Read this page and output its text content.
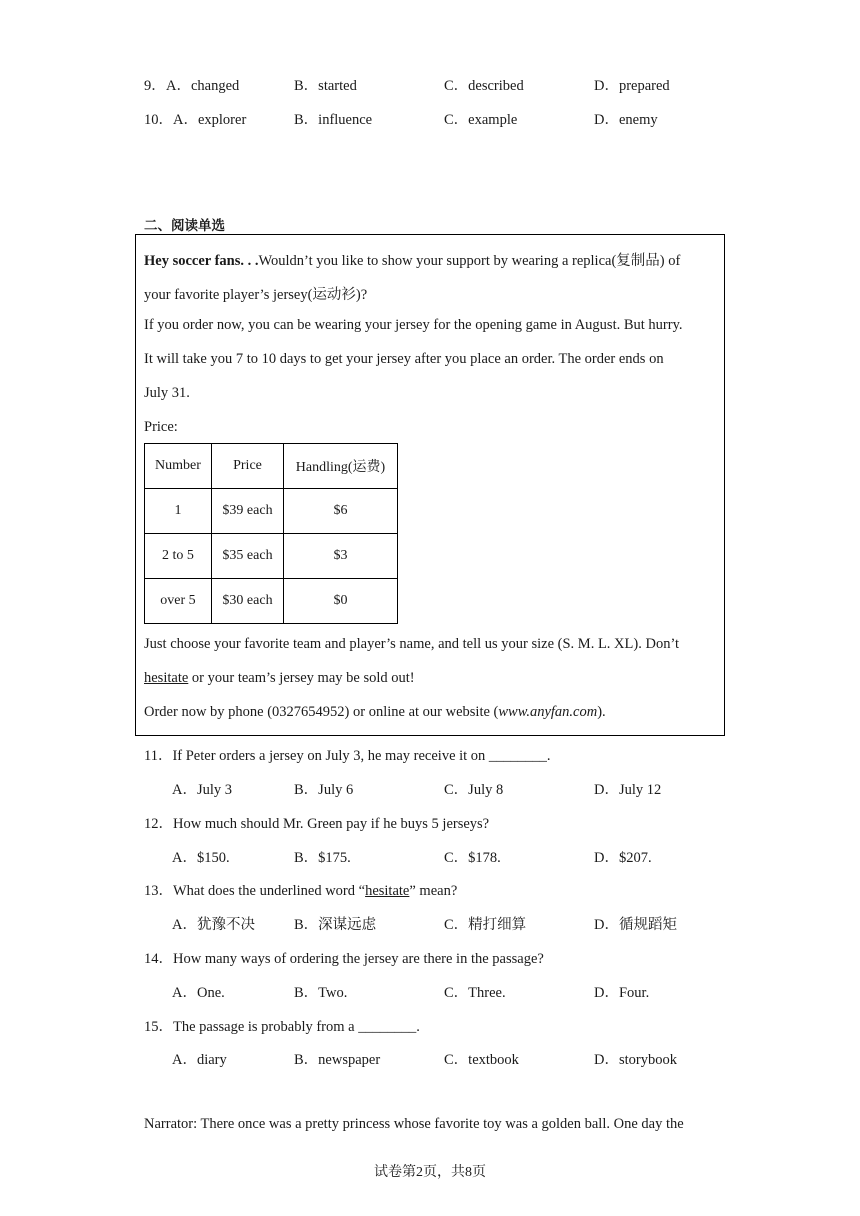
9． A．changed	B．started	C．described	D．prepared
10． A．explorer	B．influence	C．example	D．enemy
二、阅读单选
Hey soccer fans. . .Wouldn’t you like to show your support by wearing a replica(复制品) of
your favorite player’s jersey(运动衫)?
If you order now, you can be wearing your jersey for the opening game in August. But hurry.
It will take you 7 to 10 days to get your jersey after you place an order. The order ends on
July 31.
Price:
Number	Price	Handling(运费)
1	$39 each	$6
2 to 5	$35 each	$3
over 5	$30 each	$0
Just choose your favorite team and player’s name, and tell us your size (S. M. L. XL). Don’t
hesitate or your team’s jersey may be sold out!
Order now by phone (0327654952) or online at our website (www.anyfan.com).
11．If Peter orders a jersey on July 3, he may receive it on ________.
A．July 3	B．July 6	C．July 8	D．July 12
12．How much should Mr. Green pay if he buys 5 jerseys?
A．$150.	B．$175.	C．$178.	D．$207.
13．What does the underlined word “hesitate” mean?
A．犹豫不决	B．深谋远虑	C．精打细算	D．循规蹈矩
14．How many ways of ordering the jersey are there in the passage?
A．One.	B．Two.	C．Three.	D．Four.
15．The passage is probably from a ________.
A．diary	B．newspaper	C．textbook	D．storybook
Narrator: There once was a pretty princess whose favorite toy was a golden ball. One day the
试卷第2页，共8页
